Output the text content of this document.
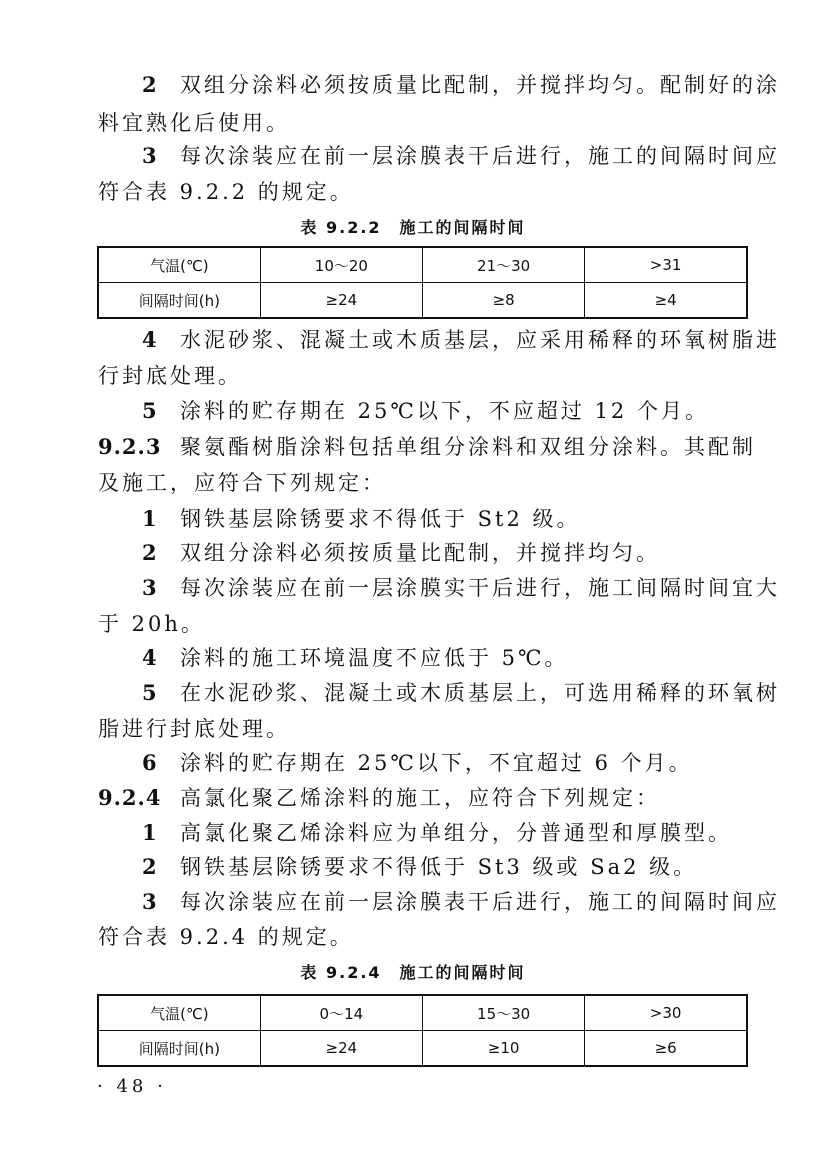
2 双组分涂料必须按质量比配制，并搅拌均匀。配制好的涂
料宜熟化后使用。
3 每次涂装应在前一层涂膜表干后进行，施工的间隔时间应
符合表 9.2.2 的规定。
表 9.2.2　施工的间隔时间
气温(℃)	10～20	21～30	>31
间隔时间(h)	≥24	≥8	≥4
4 水泥砂浆、混凝土或木质基层，应采用稀释的环氧树脂进
行封底处理。
5 涂料的贮存期在 25℃以下，不应超过 12 个月。
9.2.3 聚氨酯树脂涂料包括单组分涂料和双组分涂料。其配制
及施工，应符合下列规定：
1 钢铁基层除锈要求不得低于 St2 级。
2 双组分涂料必须按质量比配制，并搅拌均匀。
3 每次涂装应在前一层涂膜实干后进行，施工间隔时间宜大
于 20h。
4 涂料的施工环境温度不应低于 5℃。
5 在水泥砂浆、混凝土或木质基层上，可选用稀释的环氧树
脂进行封底处理。
6 涂料的贮存期在 25℃以下，不宜超过 6 个月。
9.2.4 高氯化聚乙烯涂料的施工，应符合下列规定：
1 高氯化聚乙烯涂料应为单组分，分普通型和厚膜型。
2 钢铁基层除锈要求不得低于 St3 级或 Sa2 级。
3 每次涂装应在前一层涂膜表干后进行，施工的间隔时间应
符合表 9.2.4 的规定。
表 9.2.4　施工的间隔时间
气温(℃)	0～14	15～30	>30
间隔时间(h)	≥24	≥10	≥6
· 48 ·
